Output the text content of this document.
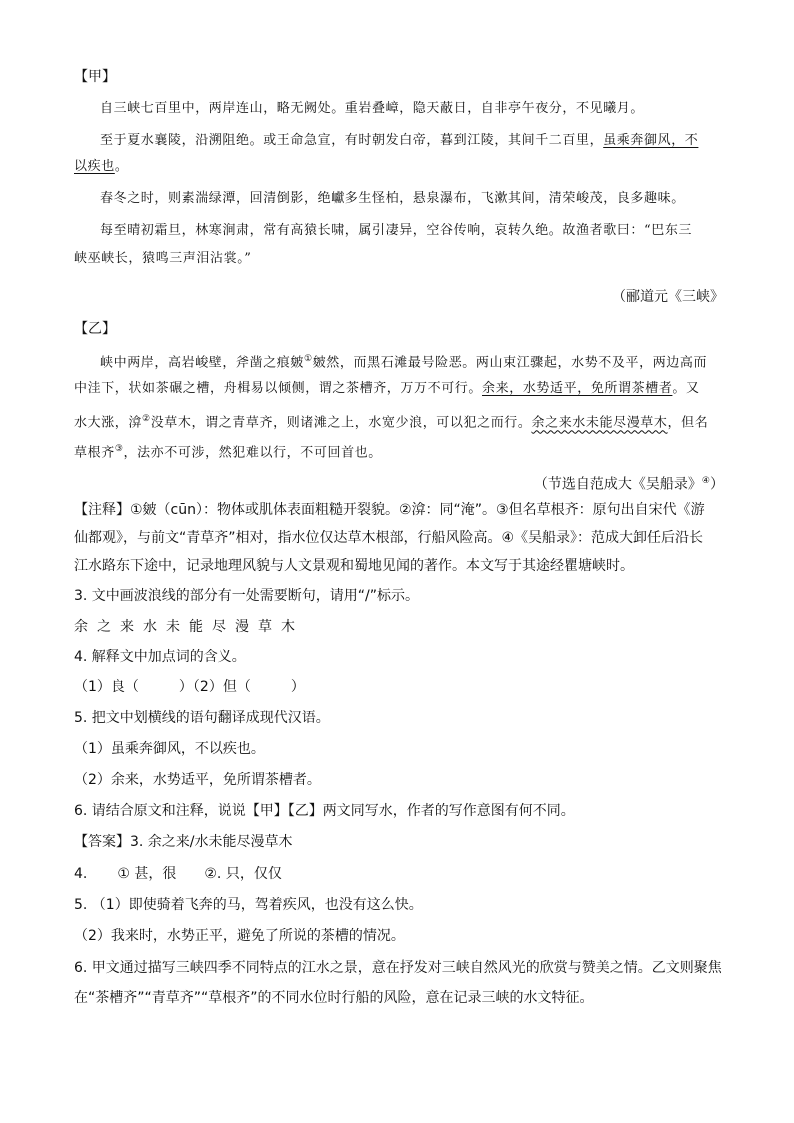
【甲】
自三峡七百里中，两岸连山，略无阙处。重岩叠嶂，隐天蔽日，自非亭午夜分，不见曦月。
至于夏水襄陵，沿溯阻绝。或王命急宣，有时朝发白帝，暮到江陵，其间千二百里，虽乘奔御风，不
以疾也。
春冬之时，则素湍绿潭，回清倒影，绝巘多生怪柏，悬泉瀑布，飞漱其间，清荣峻茂，良多趣味。
每至晴初霜旦，林寒涧肃，常有高猿长啸，属引凄异，空谷传响，哀转久绝。故渔者歌曰：“巴东三
峡巫峡长，猿鸣三声泪沾裳。”
（郦道元《三峡》
【乙】
峡中两岸，高岩峻壁，斧凿之痕皴①皴然，而黑石滩最号险恶。两山束江骤起，水势不及平，两边高而
中洼下，状如茶碾之槽，舟楫易以倾侧，谓之茶槽齐，万万不可行。余来，水势适平，免所谓茶槽者。又
水大涨，渰②没草木，谓之青草齐，则诸滩之上，水宽少浪，可以犯之而行。余之来水未能尽漫草木，但名
草根齐③，法亦不可涉，然犯难以行，不可回首也。
（节选自范成大《吴船录》④）
【注释】①皴（cūn）：物体或肌体表面粗糙开裂貌。②渰：同“淹”。③但名草根齐：原句出自宋代《游
仙都观》，与前文“青草齐”相对，指水位仅达草木根部，行船风险高。④《吴船录》：范成大卸任后沿长
江水路东下途中，记录地理风貌与人文景观和蜀地见闻的著作。本文写于其途经瞿塘峡时。
3. 文中画波浪线的部分有一处需要断句，请用“/”标示。
余之来水未能尽漫草木
4. 解释文中加点词的含义。
（1）良（	）（2）但（	）
5. 把文中划横线的语句翻译成现代汉语。
（1）虽乘奔御风，不以疾也。
（2）余来，水势适平，免所谓茶槽者。
6. 请结合原文和注释，说说【甲】【乙】两文同写水，作者的写作意图有何不同。
【答案】3. 余之来/水未能尽漫草木
4. ① 甚，很 ②. 只，仅仅
5. （1）即使骑着飞奔的马，驾着疾风，也没有这么快。
（2）我来时，水势正平，避免了所说的茶槽的情况。
6. 甲文通过描写三峡四季不同特点的江水之景，意在抒发对三峡自然风光的欣赏与赞美之情。乙文则聚焦
在“茶槽齐”“青草齐”“草根齐”的不同水位时行船的风险，意在记录三峡的水文特征。
